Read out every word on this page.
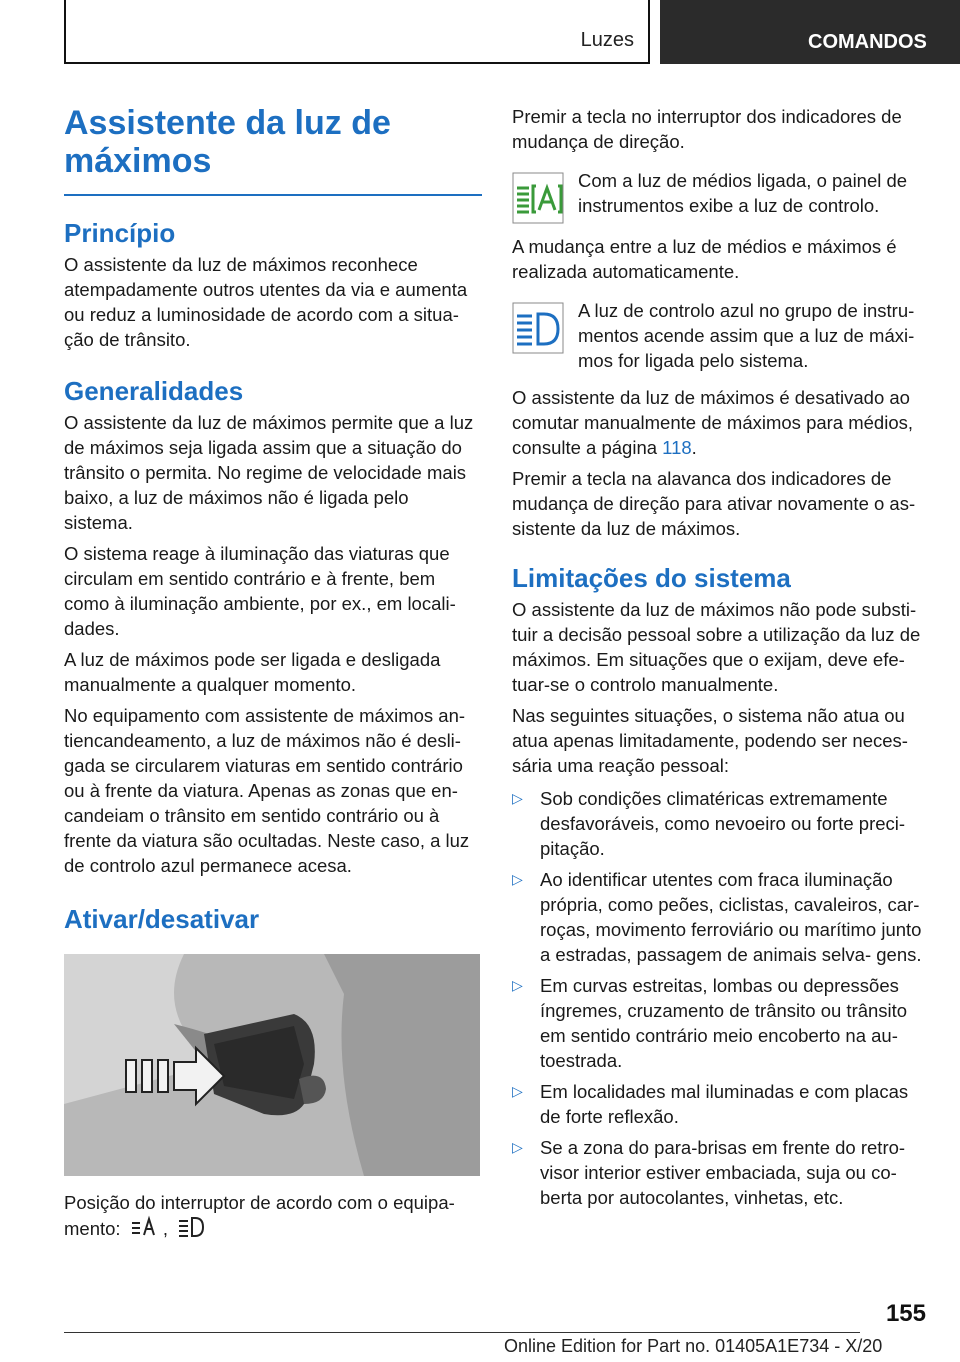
Luzes	COMANDOS
Assistente da luz de
máximos
Princípio

O assistente da luz de máximos reconhece atempadamente outros utentes da via e aumenta ou reduz a luminosidade de acordo com a situa‐ ção de trânsito.

Generalidades

O assistente da luz de máximos permite que a luz de máximos seja ligada assim que a situação do trânsito o permita. No regime de velocidade mais baixo, a luz de máximos não é ligada pelo sistema.

O sistema reage à iluminação das viaturas que circulam em sentido contrário e à frente, bem como à iluminação ambiente, por ex., em locali‐ dades.

A luz de máximos pode ser ligada e desligada manualmente a qualquer momento.

No equipamento com assistente de máximos an‐ tiencandeamento, a luz de máximos não é desli‐ gada se circularem viaturas em sentido contrário ou à frente da viatura. Apenas as zonas que en‐ candeiam o trânsito em sentido contrário ou à frente da viatura são ocultadas. Neste caso, a luz de controlo azul permanece acesa.

Ativar/desativar

Posição do interruptor de acordo com o equipa‐ mento: ,

Premir a tecla no interruptor dos indicadores de mudança de direção.

Com a luz de médios ligada, o painel de instrumentos exibe a luz de controlo.

A mudança entre a luz de médios e máximos é realizada automaticamente.

A luz de controlo azul no grupo de instru‐ mentos acende assim que a luz de máxi‐ mos for ligada pelo sistema.

O assistente da luz de máximos é desativado ao comutar manualmente de máximos para médios, consulte a página 118.

Premir a tecla na alavanca dos indicadores de mudança de direção para ativar novamente o as‐ sistente da luz de máximos.

Limitações do sistema

O assistente da luz de máximos não pode substi‐ tuir a decisão pessoal sobre a utilização da luz de máximos. Em situações que o exijam, deve efe‐ tuar-se o controlo manualmente.

Nas seguintes situações, o sistema não atua ou atua apenas limitadamente, podendo ser neces‐ sária uma reação pessoal:

▷ Sob condições climatéricas extremamente desfavoráveis, como nevoeiro ou forte preci‐ pitação.

▷ Ao identificar utentes com fraca iluminação própria, como peões, ciclistas, cavaleiros, car‐ roças, movimento ferroviário ou marítimo junto a estradas, passagem de animais selva‐ gens.

▷ Em curvas estreitas, lombas ou depressões íngremes, cruzamento de trânsito ou trânsito em sentido contrário meio encoberto na au‐ toestrada.

▷ Em localidades mal iluminadas e com placas de forte reflexão.

▷ Se a zona do para-brisas em frente do retro‐ visor interior estiver embaciada, suja ou co‐ berta por autocolantes, vinhetas, etc.

155
Online Edition for Part no. 01405A1E734 - X/20
